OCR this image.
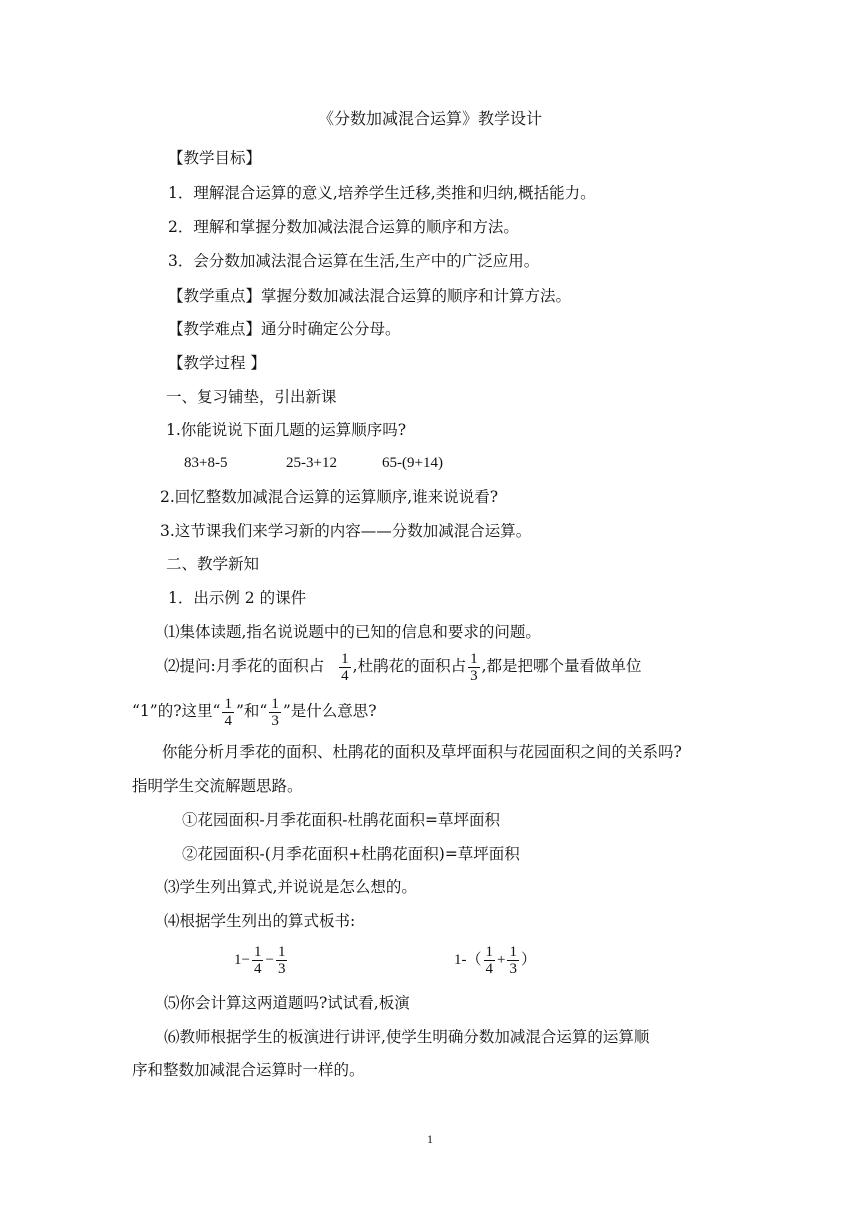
《分数加减混合运算》教学设计
【教学目标】
1．理解混合运算的意义,培养学生迁移,类推和归纳,概括能力。
2．理解和掌握分数加减法混合运算的顺序和方法。
3．会分数加减法混合运算在生活,生产中的广泛应用。
【教学重点】掌握分数加减法混合运算的顺序和计算方法。
【教学难点】通分时确定公分母。
【教学过程 】
一、复习铺垫，引出新课
1.你能说说下面几题的运算顺序吗?
83+8-5	25-3+12	65-(9+14)
2.回忆整数加减混合运算的运算顺序,谁来说说看?
3.这节课我们来学习新的内容——分数加减混合运算。
二、教学新知
1．出示例 2 的课件
⑴集体读题,指名说说题中的已知的信息和要求的问题。
⑵提问:月季花的面积占 $\frac{1}{4}$ ,杜鹃花的面积占 $\frac{1}{3}$ ,都是把哪个量看做单位
“1”的?这里“ $\frac{1}{4}$ ”和“ $\frac{1}{3}$ ”是什么意思?
你能分析月季花的面积、杜鹃花的面积及草坪面积与花园面积之间的关系吗?
指明学生交流解题思路。
①花园面积-月季花面积-杜鹃花面积=草坪面积
②花园面积-(月季花面积+杜鹃花面积)=草坪面积
⑶学生列出算式,并说说是怎么想的。
⑷根据学生列出的算式板书:
$1- \frac{1}{4} - \frac{1}{3}$	$1-( \frac{1}{4} + \frac{1}{3}$ ）
⑸你会计算这两道题吗?试试看,板演
⑹教师根据学生的板演进行讲评,使学生明确分数加减混合运算的运算顺
序和整数加减混合运算时一样的。
1
